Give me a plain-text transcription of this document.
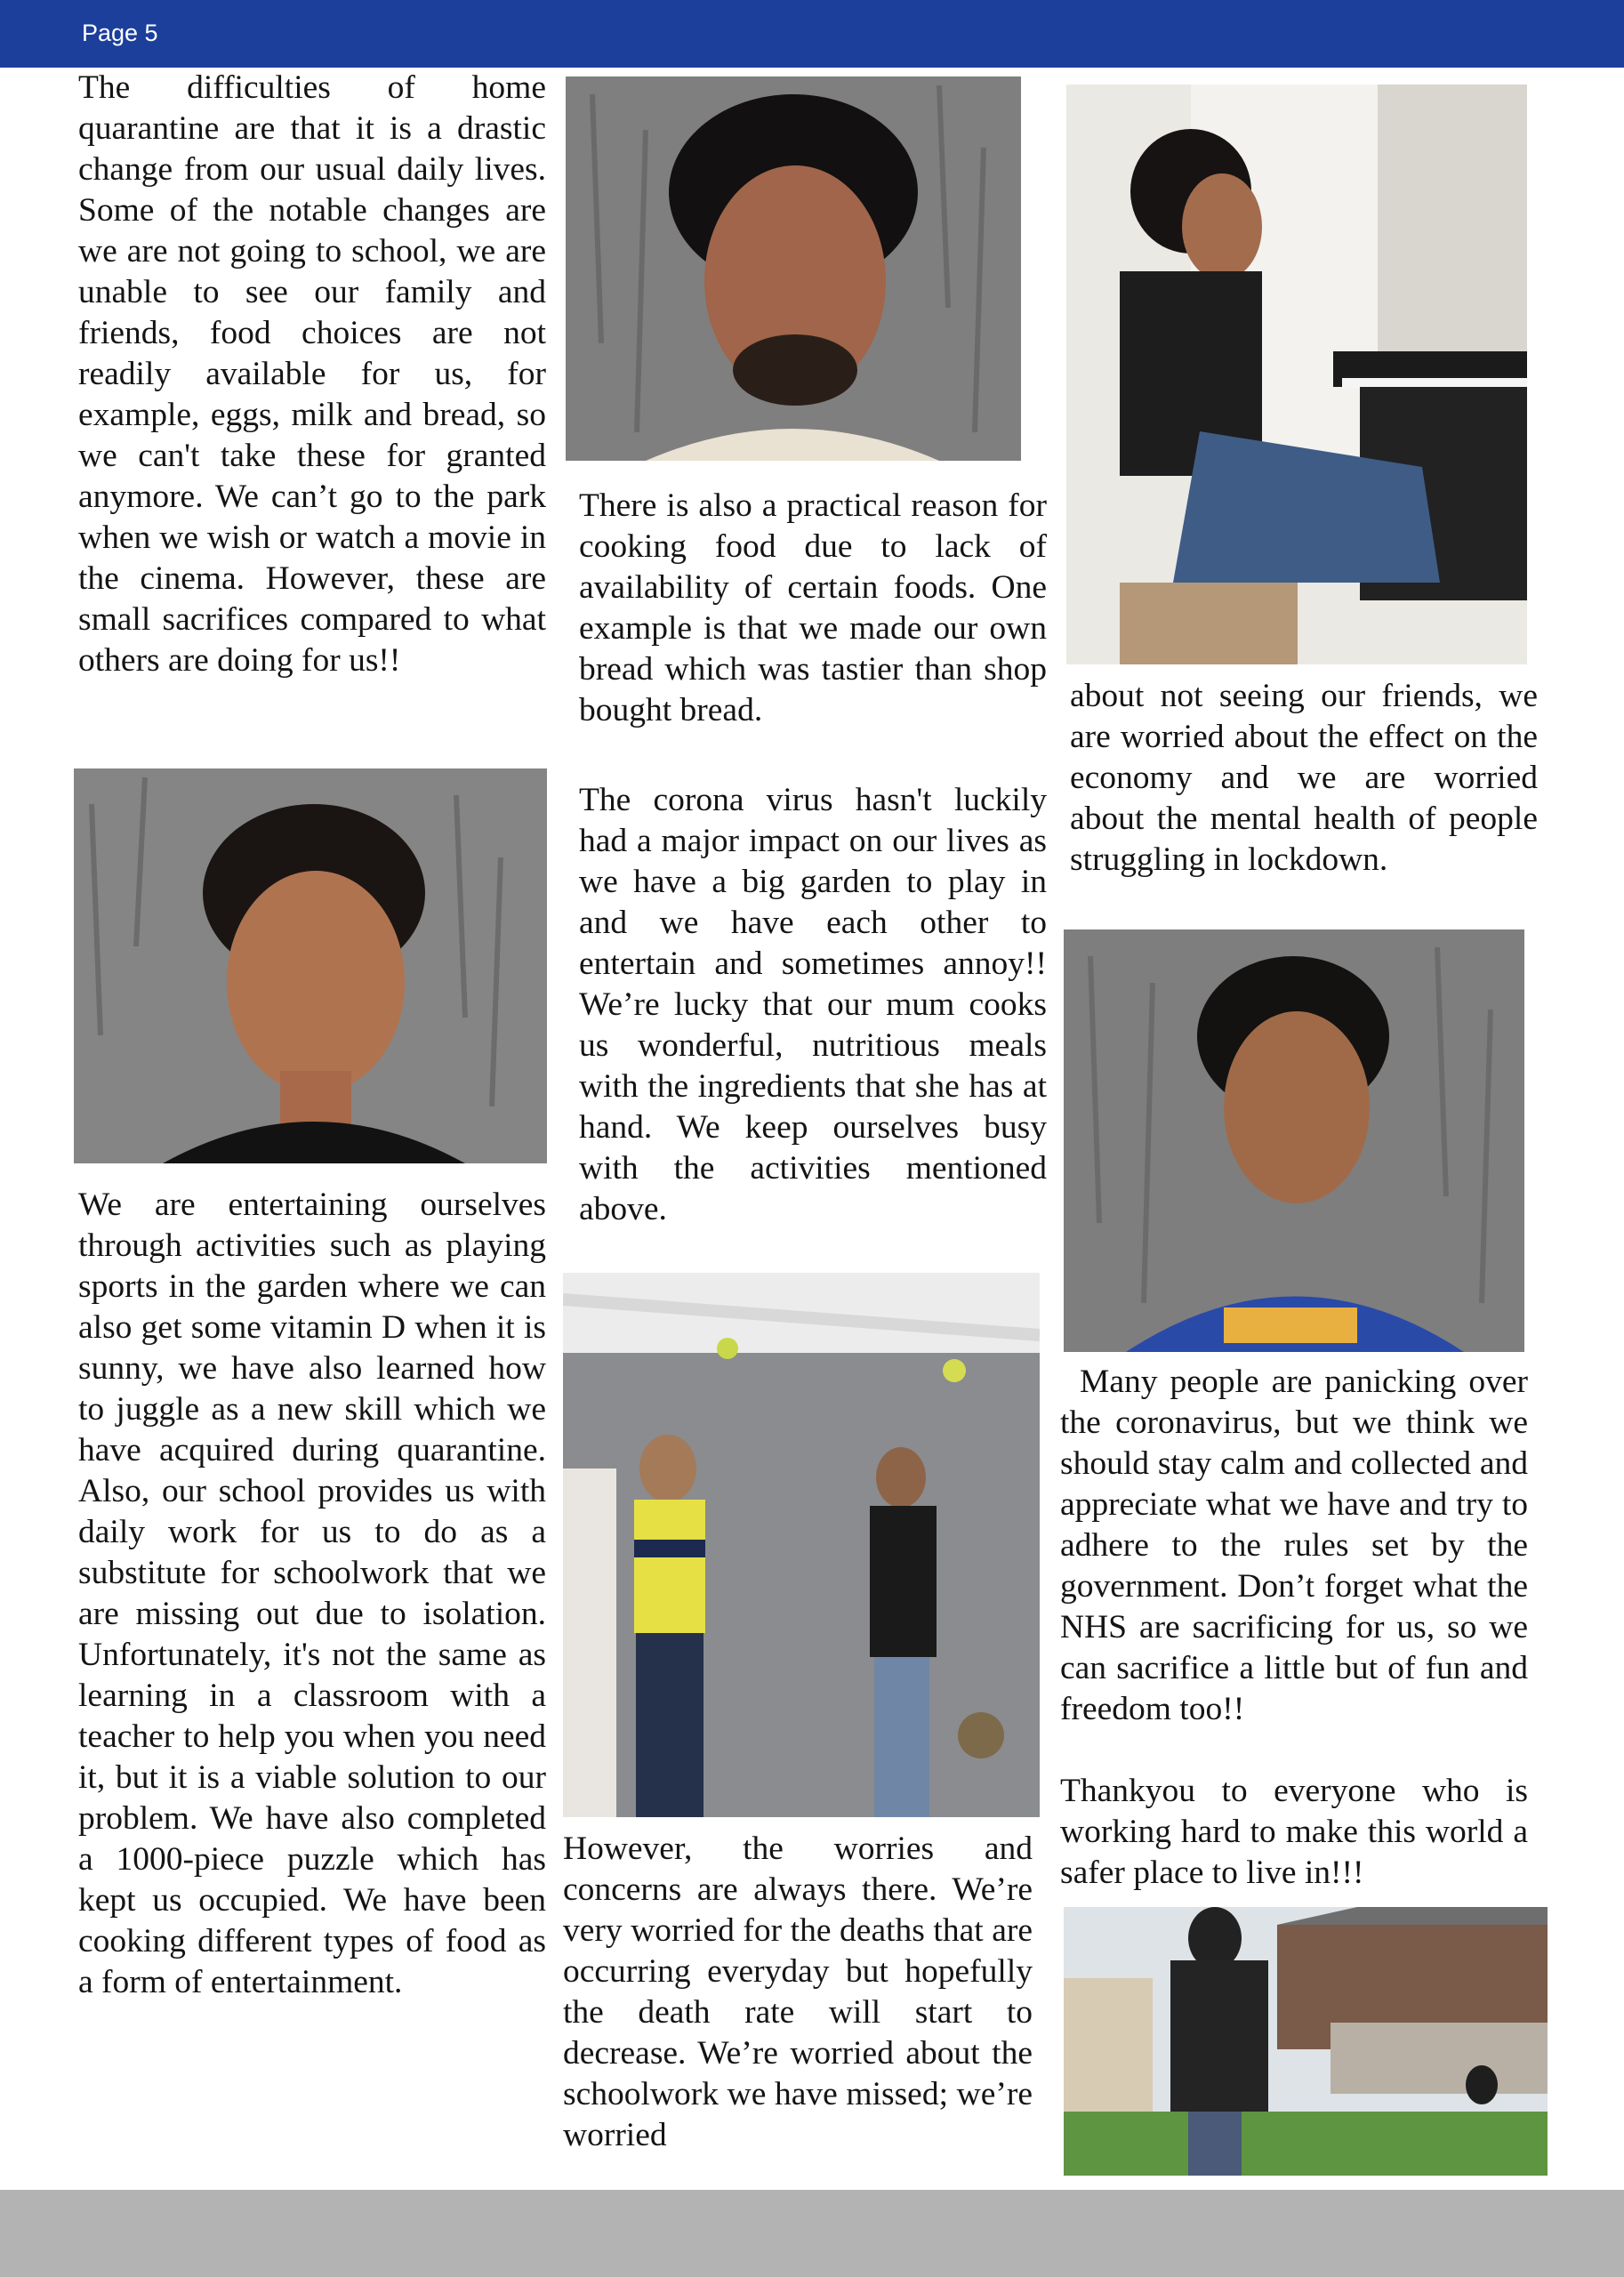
Page 5

The difficulties of home quarantine are that it is a drastic change from our usual daily lives. Some of the notable changes are we are not going to school, we are unable to see our family and friends, food choices are not readily available for us, for example, eggs, milk and bread, so we can't take these for granted anymore. We can’t go to the park when we wish or watch a movie in the cinema. However, these are small sacrifices compared to what others are doing for us!!

We are entertaining ourselves through activities such as playing sports in the garden where we can also get some vitamin D when it is sunny, we have also learned how to juggle as a new skill which we have acquired during quarantine. Also, our school provides us with daily work for us to do as a substitute for schoolwork that we are missing out due to isolation. Unfortunately, it's not the same as learning in a classroom with a teacher to help you when you need it, but it is a viable solution to our problem. We have also completed a 1000-piece puzzle which has kept us occupied. We have been cooking different types of food as a form of entertainment.

There is also a practical reason for cooking food due to lack of availability of certain foods. One example is that we made our own bread which was tastier than shop bought bread.

The corona virus hasn't luckily had a major impact on our lives as we have a big garden to play in and we have each other to entertain and sometimes annoy!! We’re lucky that our mum cooks us wonderful, nutritious meals with the ingredients that she has at hand. We keep ourselves busy with the activities mentioned above.

However, the worries and concerns are always there. We’re very worried for the deaths that are occurring everyday but hopefully the death rate will start to decrease. We’re worried about the schoolwork we have missed; we’re worried

about not seeing our friends, we are worried about the effect on the economy and we are worried about the mental health of people struggling in lockdown.

Many people are panicking over the coronavirus, but we think we should stay calm and collected and appreciate what we have and try to adhere to the rules set by the government. Don’t forget what the NHS are sacrificing for us, so we can sacrifice a little but of fun and freedom too!!

Thankyou to everyone who is working hard to make this world a safer place to live in!!!
